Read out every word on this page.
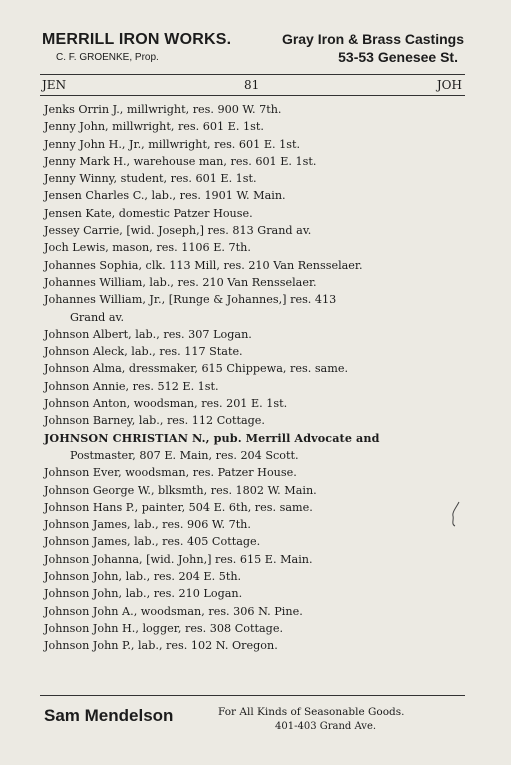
MERRILL IRON WORKS.
C. F. GROENKE, Prop.
Gray Iron & Brass Castings
53-53 Genesee St.
JEN	81	JOH
Jenks Orrin J., millwright, res. 900 W. 7th.
Jenny John, millwright, res. 601 E. 1st.
Jenny John H., Jr., millwright, res. 601 E. 1st.
Jenny Mark H., warehouse man, res. 601 E. 1st.
Jenny Winny, student, res. 601 E. 1st.
Jensen Charles C., lab., res. 1901 W. Main.
Jensen Kate, domestic Patzer House.
Jessey Carrie, [wid. Joseph,] res. 813 Grand av.
Joch Lewis, mason, res. 1106 E. 7th.
Johannes Sophia, clk. 113 Mill, res. 210 Van Rensselaer.
Johannes William, lab., res. 210 Van Rensselaer.
Johannes William, Jr., [Runge & Johannes,] res. 413
Grand av.
Johnson Albert, lab., res. 307 Logan.
Johnson Aleck, lab., res. 117 State.
Johnson Alma, dressmaker, 615 Chippewa, res. same.
Johnson Annie, res. 512 E. 1st.
Johnson Anton, woodsman, res. 201 E. 1st.
Johnson Barney, lab., res. 112 Cottage.
JOHNSON CHRISTIAN N., pub. Merrill Advocate and
Postmaster, 807 E. Main, res. 204 Scott.
Johnson Ever, woodsman, res. Patzer House.
Johnson George W., blksmth, res. 1802 W. Main.
Johnson Hans P., painter, 504 E. 6th, res. same.
Johnson James, lab., res. 906 W. 7th.
Johnson James, lab., res. 405 Cottage.
Johnson Johanna, [wid. John,] res. 615 E. Main.
Johnson John, lab., res. 204 E. 5th.
Johnson John, lab., res. 210 Logan.
Johnson John A., woodsman, res. 306 N. Pine.
Johnson John H., logger, res. 308 Cottage.
Johnson John P., lab., res. 102 N. Oregon.
Sam Mendelson	For All Kinds of Seasonable Goods.
401-403 Grand Ave.
